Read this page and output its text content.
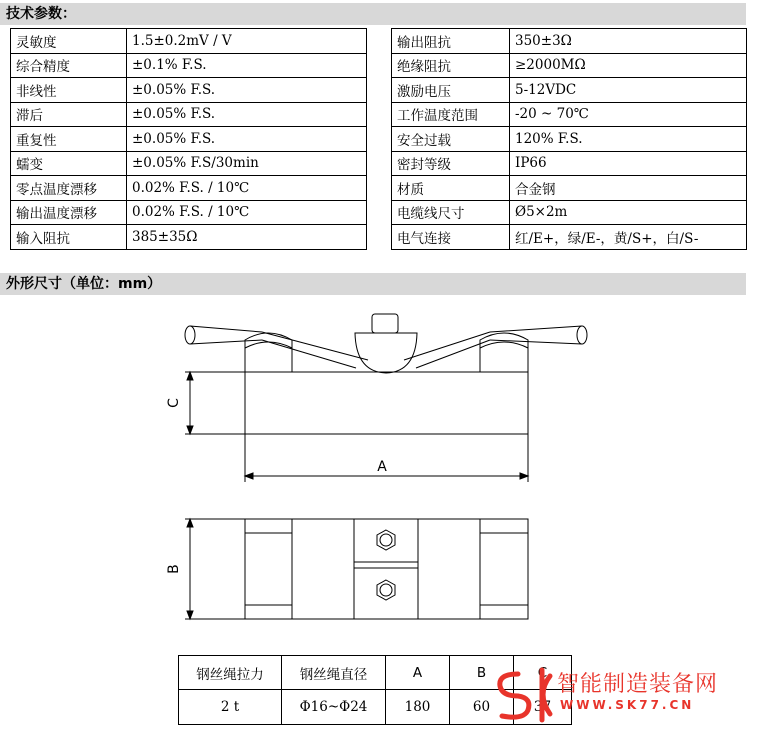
技术参数：
灵敏度	1.5±0.2mV / V
综合精度	±0.1% F.S.
非线性	±0.05% F.S.
滞后	±0.05% F.S.
重复性	±0.05% F.S.
蠕变	±0.05% F.S/30min
零点温度漂移	0.02% F.S. / 10℃
输出温度漂移	0.02% F.S. / 10℃
输入阻抗	385±35Ω
输出阻抗	350±3Ω
绝缘阻抗	≥2000MΩ
激励电压	5-12VDC
工作温度范围	-20 ~ 70℃
安全过载	120% F.S.
密封等级	IP66
材质	合金钢
电缆线尺寸	Ø5×2m
电气连接	红/E+，绿/E-，黄/S+，白/S-
外形尺寸（单位：mm）
A
C
B
钢丝绳拉力	钢丝绳直径	A	B	C
2 t	Φ16~Φ24	180	60	37
智能制造装备网
WWW.SK77.CN
